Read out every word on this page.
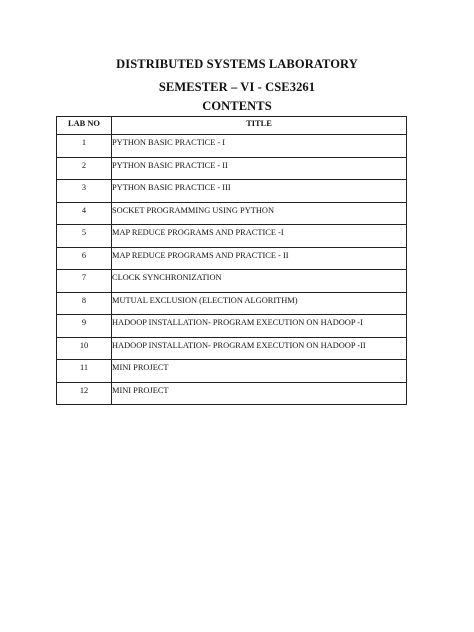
DISTRIBUTED SYSTEMS LABORATORY
SEMESTER – VI - CSE3261
CONTENTS
LAB NO	TITLE
1	PYTHON BASIC PRACTICE - I
2	PYTHON BASIC PRACTICE - II
3	PYTHON BASIC PRACTICE - III
4	SOCKET PROGRAMMING USING PYTHON
5	MAP REDUCE PROGRAMS AND PRACTICE -I
6	MAP REDUCE PROGRAMS AND PRACTICE - II
7	CLOCK SYNCHRONIZATION
8	MUTUAL EXCLUSION (ELECTION ALGORITHM)
9	HADOOP INSTALLATION- PROGRAM EXECUTION ON HADOOP -I
10	HADOOP INSTALLATION- PROGRAM EXECUTION ON HADOOP -II
11	MINI PROJECT
12	MINI PROJECT
